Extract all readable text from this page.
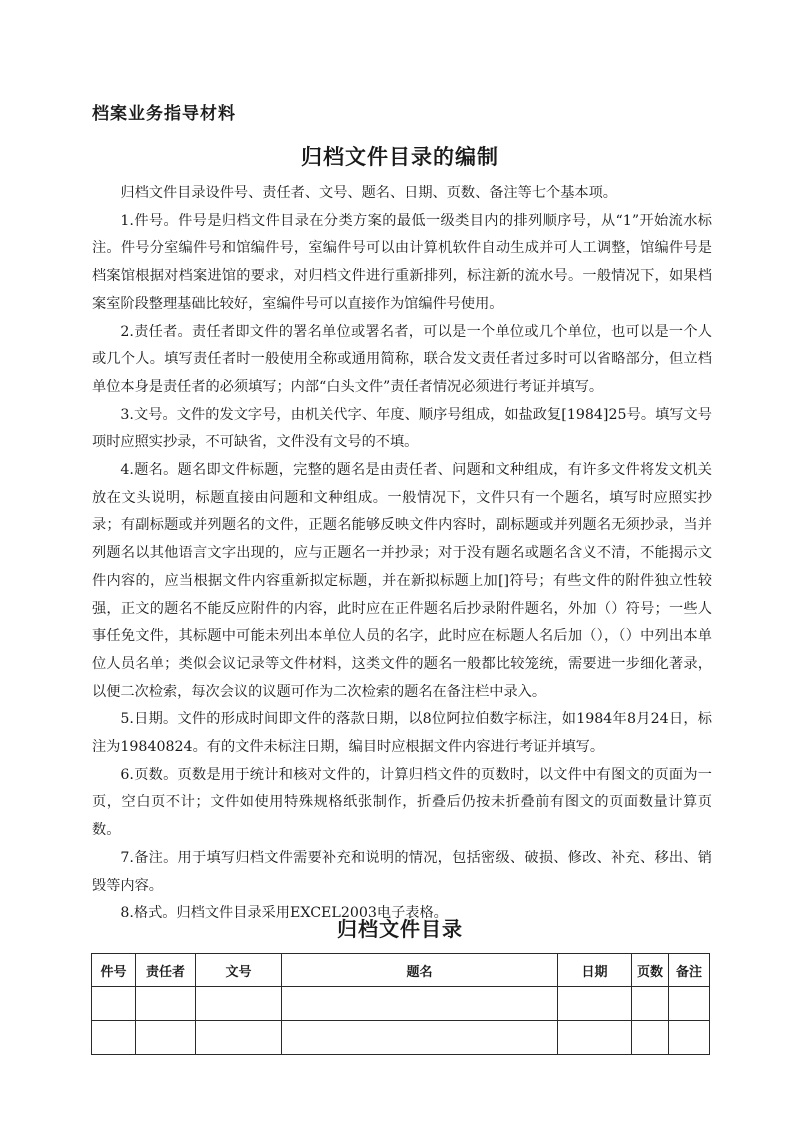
档案业务指导材料
归档文件目录的编制

归档文件目录设件号、责任者、文号、题名、日期、页数、备注等七个基本项。

1.件号。件号是归档文件目录在分类方案的最低一级类目内的排列顺序号，从“1”开始流水标注。件号分室编件号和馆编件号，室编件号可以由计算机软件自动生成并可人工调整，馆编件号是档案馆根据对档案进馆的要求，对归档文件进行重新排列，标注新的流水号。一般情况下，如果档案室阶段整理基础比较好，室编件号可以直接作为馆编件号使用。

2.责任者。责任者即文件的署名单位或署名者，可以是一个单位或几个单位，也可以是一个人或几个人。填写责任者时一般使用全称或通用简称，联合发文责任者过多时可以省略部分，但立档单位本身是责任者的必须填写；内部“白头文件”责任者情况必须进行考证并填写。

3.文号。文件的发文字号，由机关代字、年度、顺序号组成，如盐政复[1984]25号。填写文号项时应照实抄录，不可缺省，文件没有文号的不填。

4.题名。题名即文件标题，完整的题名是由责任者、问题和文种组成，有许多文件将发文机关放在文头说明，标题直接由问题和文种组成。一般情况下，文件只有一个题名，填写时应照实抄录；有副标题或并列题名的文件，正题名能够反映文件内容时，副标题或并列题名无须抄录，当并列题名以其他语言文字出现的，应与正题名一并抄录；对于没有题名或题名含义不清，不能揭示文件内容的，应当根据文件内容重新拟定标题，并在新拟标题上加[]符号；有些文件的附件独立性较强，正文的题名不能反应附件的内容，此时应在正件题名后抄录附件题名，外加（）符号；一些人事任免文件，其标题中可能未列出本单位人员的名字，此时应在标题人名后加（），（）中列出本单位人员名单；类似会议记录等文件材料，这类文件的题名一般都比较笼统，需要进一步细化著录，以便二次检索，每次会议的议题可作为二次检索的题名在备注栏中录入。

5.日期。文件的形成时间即文件的落款日期，以8位阿拉伯数字标注，如1984年8月24日，标注为19840824。有的文件未标注日期，编目时应根据文件内容进行考证并填写。

6.页数。页数是用于统计和核对文件的，计算归档文件的页数时，以文件中有图文的页面为一页，空白页不计；文件如使用特殊规格纸张制作，折叠后仍按未折叠前有图文的页面数量计算页数。

7.备注。用于填写归档文件需要补充和说明的情况，包括密级、破损、修改、补充、移出、销毁等内容。

8.格式。归档文件目录采用EXCEL2003电子表格。

归档文件目录
件号	责任者	文号	题名	日期	页数	备注
